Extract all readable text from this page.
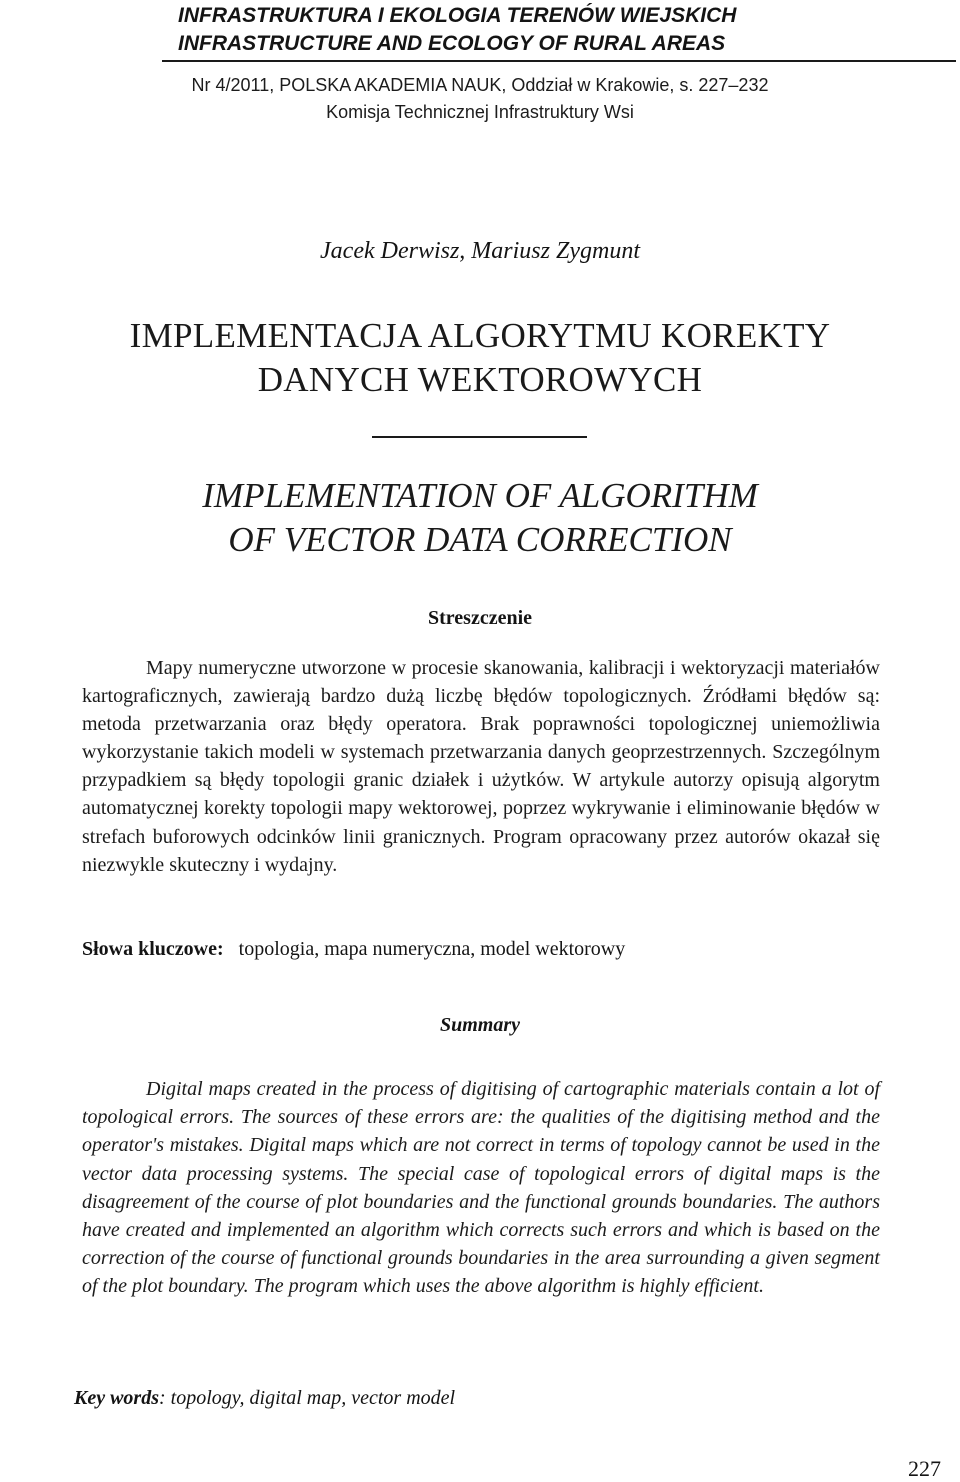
INFRASTRUKTURA I EKOLOGIA TERENÓW WIEJSKICH
INFRASTRUCTURE AND ECOLOGY OF RURAL AREAS
Nr 4/2011, POLSKA AKADEMIA NAUK, Oddział w Krakowie, s. 227–232
Komisja Technicznej Infrastruktury Wsi
Jacek Derwisz, Mariusz Zygmunt
IMPLEMENTACJA ALGORYTMU KOREKTY
DANYCH WEKTOROWYCH
IMPLEMENTATION OF ALGORITHM
OF VECTOR DATA CORRECTION
Streszczenie

Mapy numeryczne utworzone w procesie skanowania, kalibracji i wektoryzacji materiałów kartograficznych, zawierają bardzo dużą liczbę błędów topologicznych. Źródłami błędów są: metoda przetwarzania oraz błędy operatora. Brak poprawności topologicznej uniemożliwia wykorzystanie takich modeli w systemach przetwarzania danych geoprzestrzennych. Szczególnym przypadkiem są błędy topologii granic działek i użytków. W artykule autorzy opisują algorytm automatycznej korekty topologii mapy wektorowej, poprzez wykrywanie i eliminowanie błędów w strefach buforowych odcinków linii granicznych. Program opracowany przez autorów okazał się niezwykle skuteczny i wydajny.

Słowa kluczowe: topologia, mapa numeryczna, model wektorowy
Summary

Digital maps created in the process of digitising of cartographic materials contain a lot of topological errors. The sources of these errors are: the qualities of the digitising method and the operator's mistakes. Digital maps which are not correct in terms of topology cannot be used in the vector data processing systems. The special case of topological errors of digital maps is the disagreement of the course of plot boundaries and the functional grounds boundaries. The authors have created and implemented an algorithm which corrects such errors and which is based on the correction of the course of functional grounds boundaries in the area surrounding a given segment of the plot boundary. The program which uses the above algorithm is highly efficient.

Key words: topology, digital map, vector model
227
